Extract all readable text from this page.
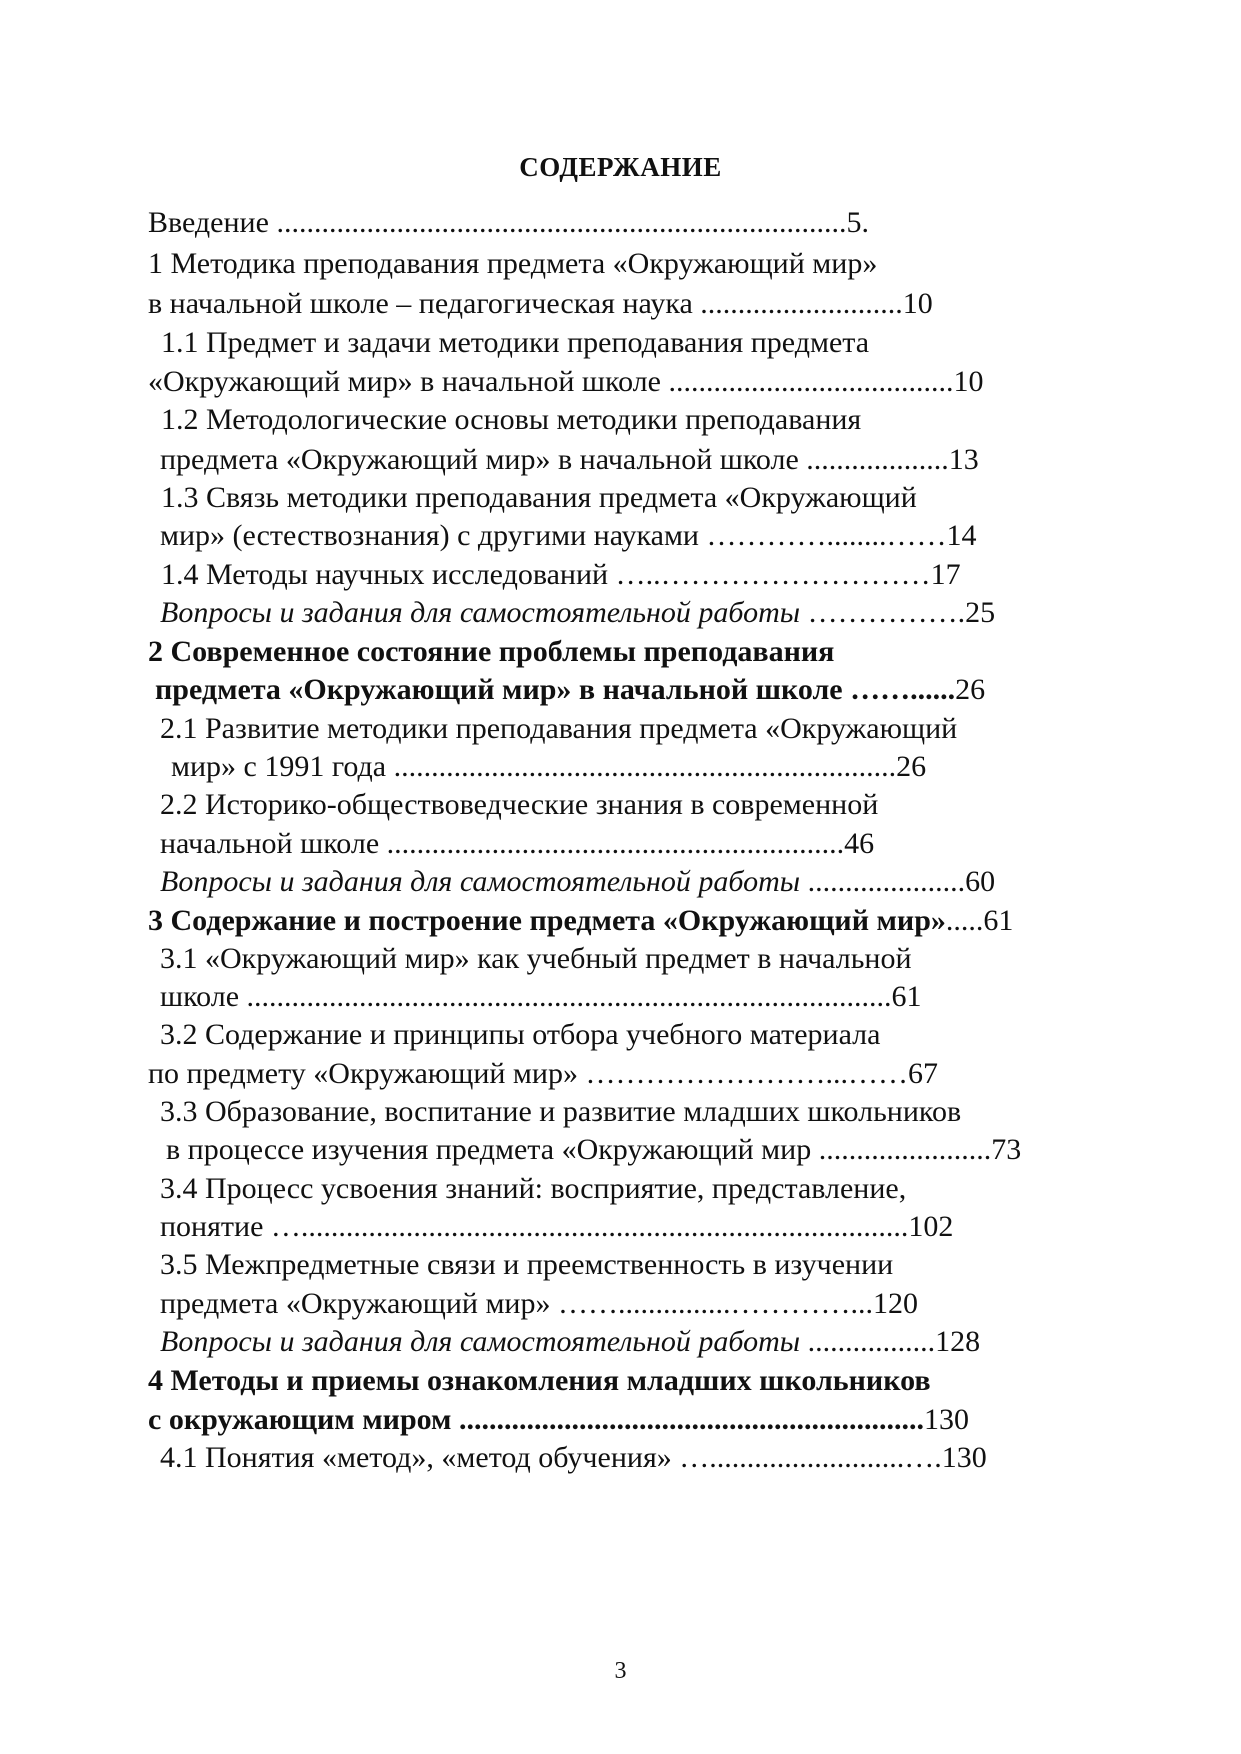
СОДЕРЖАНИЕ
Введение ............................................................................5.
1 Методика преподавания предмета «Окружающий мир»
в начальной школе – педагогическая наука ...........................10
1.1 Предмет и задачи методики преподавания предмета
«Окружающий мир» в начальной школе ......................................10
1.2 Методологические основы методики преподавания
предмета «Окружающий мир» в начальной школе ...................13
1.3 Связь методики преподавания предмета «Окружающий
мир» (естествознания) с другими науками …………........……14
1.4 Методы научных исследований …..………………………17
Вопросы и задания для самостоятельной работы …………….25
2 Современное состояние проблемы преподавания
предмета «Окружающий мир» в начальной школе ……......26
2.1 Развитие методики преподавания предмета «Окружающий
мир» с 1991 года ...................................................................26
2.2 Историко-обществоведческие знания в современной
начальной школе .............................................................46
Вопросы и задания для самостоятельной работы .....................60
3 Содержание и построение предмета «Окружающий мир».....61
3.1 «Окружающий мир» как учебный предмет в начальной
школе ......................................................................................61
3.2 Содержание и принципы отбора учебного материала
по предмету «Окружающий мир» ……………………...……67
3.3 Образование, воспитание и развитие младших школьников
в процессе изучения предмета «Окружающий мир .......................73
3.4 Процесс усвоения знаний: восприятие, представление,
понятие ….................................................................................102
3.5 Межпредметные связи и преемственность в изучении
предмета «Окружающий мир» ……...............…………...120
Вопросы и задания для самостоятельной работы .................128
4 Методы и приемы ознакомления младших школьников
с окружающим миром ..............................................................130
4.1 Понятия «метод», «метод обучения» …..........................….130
3
